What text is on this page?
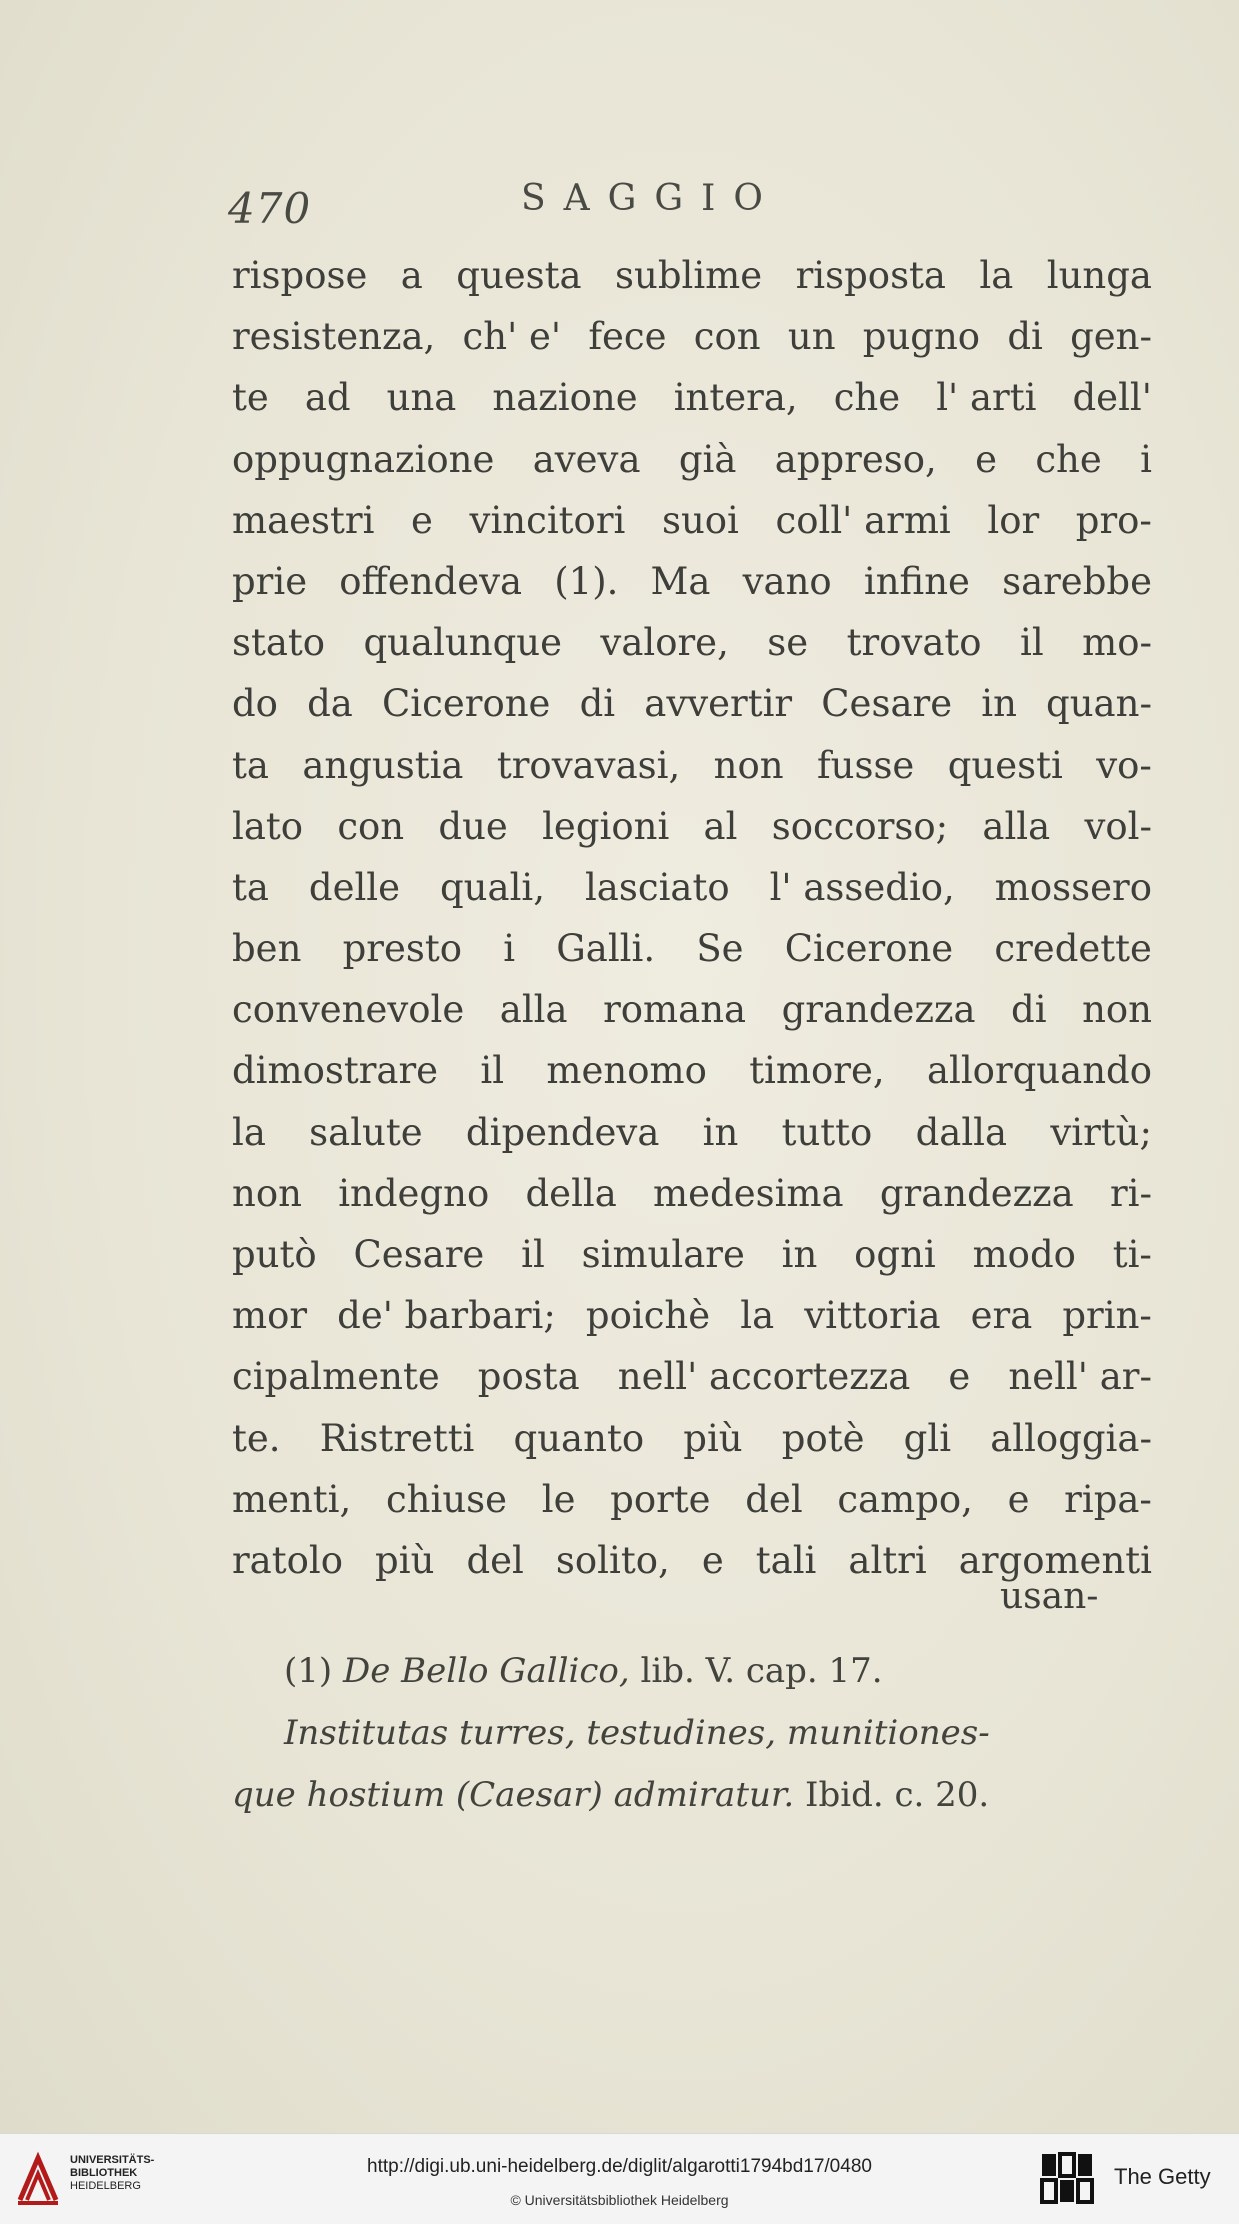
470	SAGGIO
rispose a questa sublime risposta la lunga
resistenza, ch' e' fece con un pugno di gen-
te ad una nazione intera, che l' arti dell'
oppugnazione aveva già appreso, e che i
maestri e vincitori suoi coll' armi lor pro-
prie offendeva (1). Ma vano infine sarebbe
stato qualunque valore, se trovato il mo-
do da Cicerone di avvertir Cesare in quan-
ta angustia trovavasi, non fusse questi vo-
lato con due legioni al soccorso; alla vol-
ta delle quali, lasciato l' assedio, mossero
ben presto i Galli. Se Cicerone credette
convenevole alla romana grandezza di non
dimostrare il menomo timore, allorquando
la salute dipendeva in tutto dalla virtù;
non indegno della medesima grandezza ri-
putò Cesare il simulare in ogni modo ti-
mor de' barbari; poichè la vittoria era prin-
cipalmente posta nell' accortezza e nell' ar-
te. Ristretti quanto più potè gli alloggia-
menti, chiuse le porte del campo, e ripa-
ratolo più del solito, e tali altri argomenti
usan-
(1) De Bello Gallico, lib. V. cap. 17.
Institutas turres, testudines, munitiones-
que hostium (Caesar) admiratur. Ibid. c. 20.
UNIVERSITÄTS-
BIBLIOTHEK
HEIDELBERG
http://digi.ub.uni-heidelberg.de/diglit/algarotti1794bd17/0480
© Universitätsbibliothek Heidelberg
The Getty
